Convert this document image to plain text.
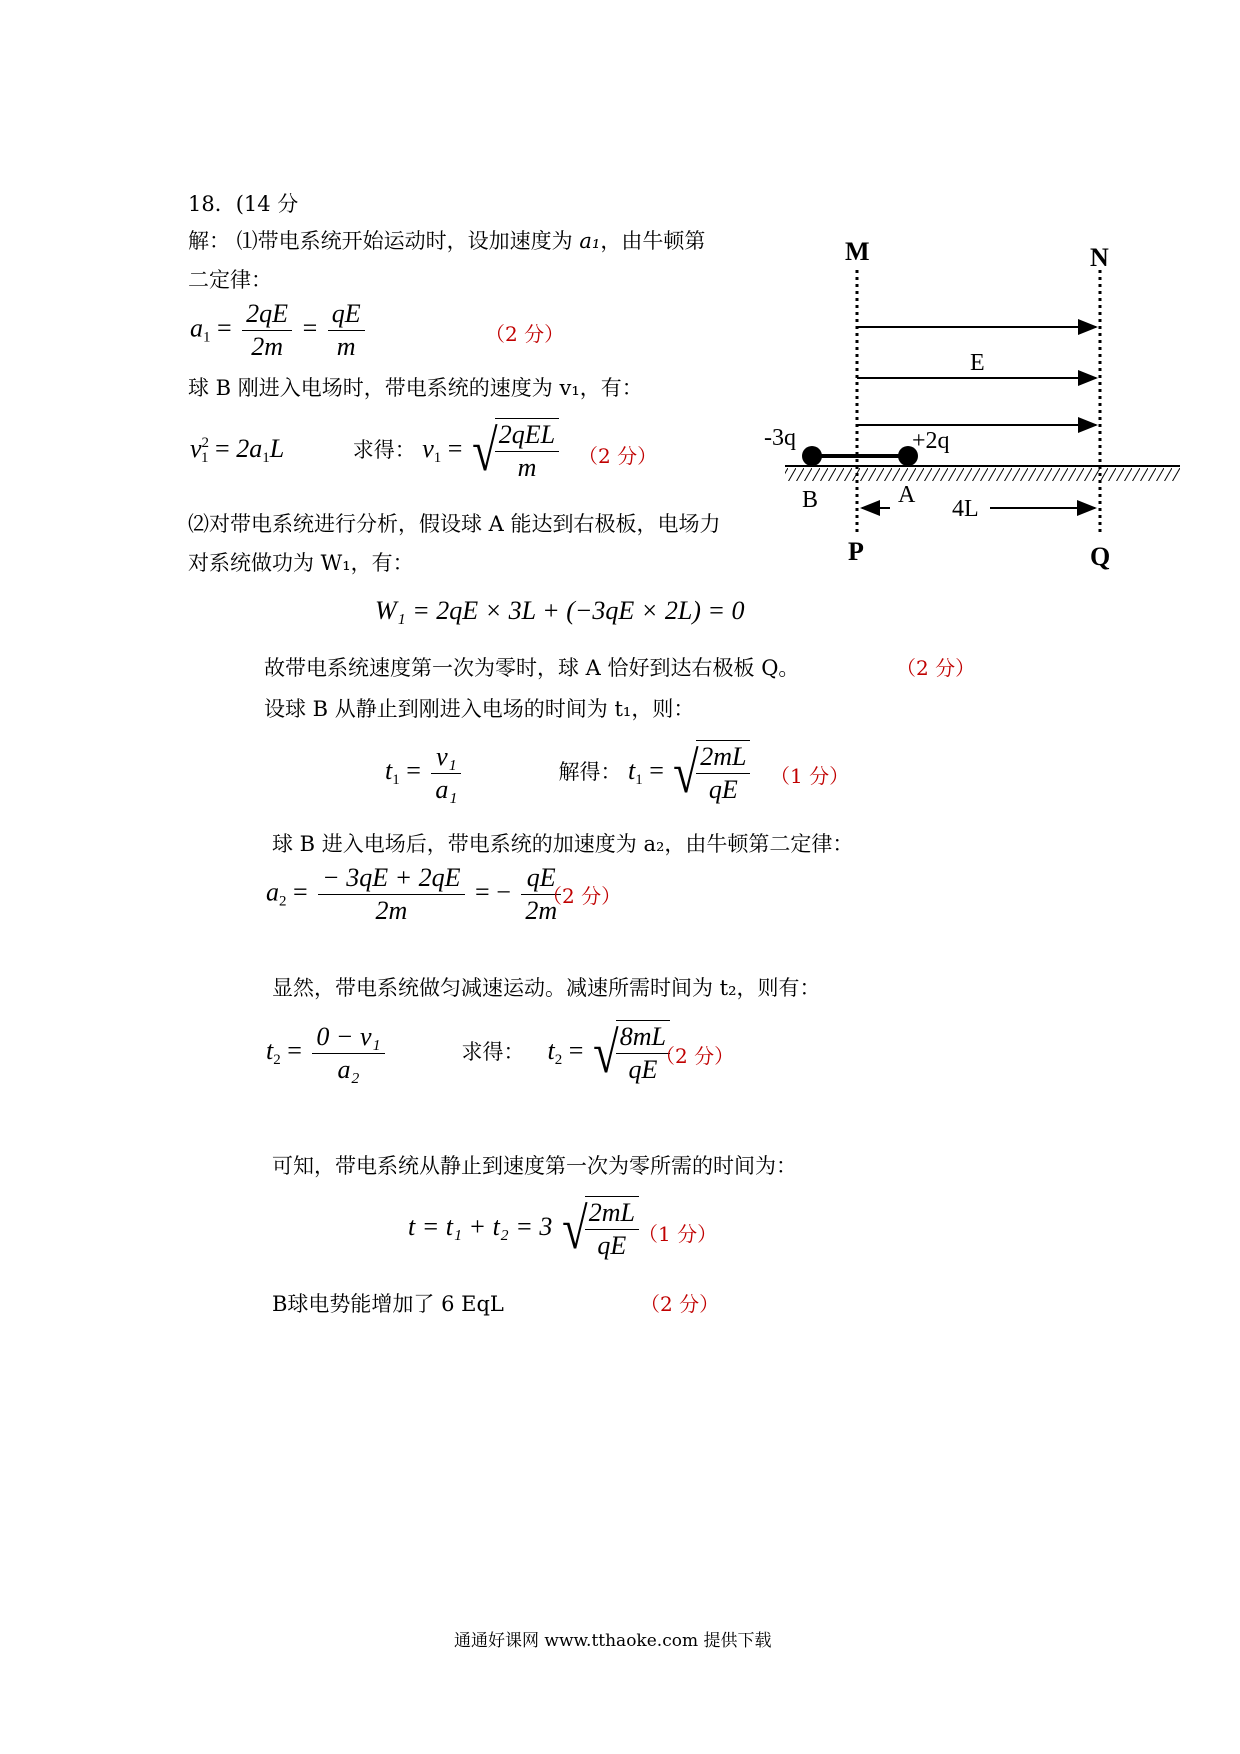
18．(14 分
解： ⑴带电系统开始运动时，设加速度为 a₁，由牛顿第
二定律：
$a_1 = \frac{2qE}{2m} = \frac{qE}{m}$	（2 分）
球 B 刚进入电场时，带电系统的速度为 v₁，有：
$v^2_1 = 2a_1L$	求得： $v_1$ = √
$\frac{\text{2qEL}}{m} (2$ 分）
⑵对带电系统进行分析，假设球 A 能达到右极板，电场力
对系统做功为 W₁，有：
W₁ = 2qE × 3L + (−3qE × 2L) = 0
故带电系统速度第一次为零时，球 A 恰好到达右极板 Q。	（2 分）
设球 B 从静止到刚进入电场的时间为 t₁，则：
$t_1 = \frac{\text{v₁}}{\text{a₁}}$	解得： $t_1$ = √
$\frac{2mL}{qE} (1$ 分）
球 B 进入电场后，带电系统的加速度为 a₂，由牛顿第二定律：
$a_2 = \frac{- 3qE + 2qE}{2m}$ = − $\frac{qE}{2m}$
（2 分）
显然，带电系统做匀减速运动。减速所需时间为 t₂，则有：
$t_2 = \frac{\text{0 − v₁}}{\text{a₂}}$	求得： $t_2$ = √
$\frac{8mL}{qE}$
（2 分）
可知，带电系统从静止到速度第一次为零所需的时间为：
t = t₁ + t₂ = 3 √
$\frac{2mL}{qE} (1$ 分）
B球电势能增加了 6 EqL	（2 分）
M	N
E
-3q	+2q
B	A
4L
P	Q
通通好课网 www.tthaoke.com 提供下载
